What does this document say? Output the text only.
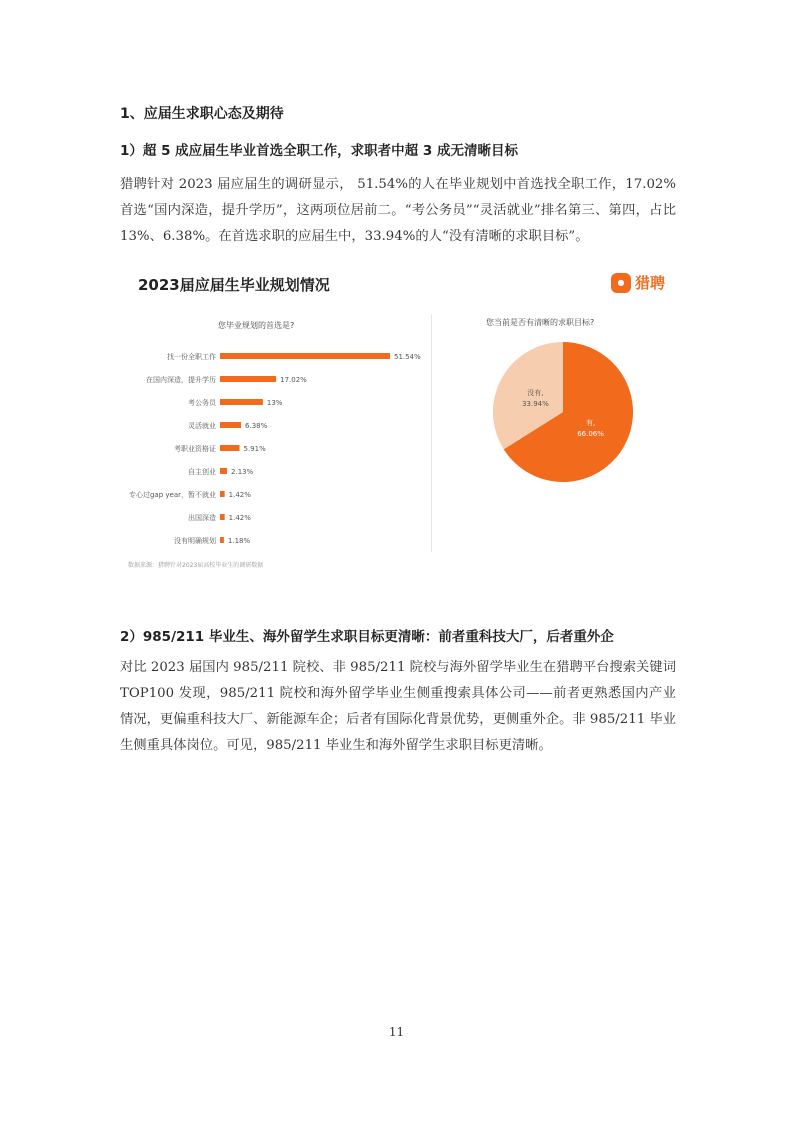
1、应届生求职心态及期待
1）超 5 成应届生毕业首选全职工作，求职者中超 3 成无清晰目标
猎聘针对 2023 届应届生的调研显示， 51.54%的人在毕业规划中首选找全职工作，17.02%首选“国内深造，提升学历”，这两项位居前二。“考公务员”“灵活就业”排名第三、第四，占比 13%、6.38%。在首选求职的应届生中，33.94%的人“没有清晰的求职目标”。
2023届应届生毕业规划情况	● 猎聘
您毕业规划的首选是?	您当前是否有清晰的求职目标?
找一份全职工作	51.54%
在国内深造，提升学历	17.02%
考公务员	13%
灵活就业	6.38%
考职业资格证	5.91%
自主创业 2.13%
专心过gap year，暂不就业 1.42%
出国深造 1.42%
没有明确规划 1.18%
有,
66.06%
没有,
33.94%
数据来源：猎聘针对2023届高校毕业生的调研数据
2）985/211 毕业生、海外留学生求职目标更清晰：前者重科技大厂，后者重外企
对比 2023 届国内 985/211 院校、非 985/211 院校与海外留学毕业生在猎聘平台搜索关键词 TOP100 发现，985/211 院校和海外留学毕业生侧重搜索具体公司——前者更熟悉国内产业情况，更偏重科技大厂、新能源车企；后者有国际化背景优势，更侧重外企。非 985/211 毕业生侧重具体岗位。可见，985/211 毕业生和海外留学生求职目标更清晰。
11
